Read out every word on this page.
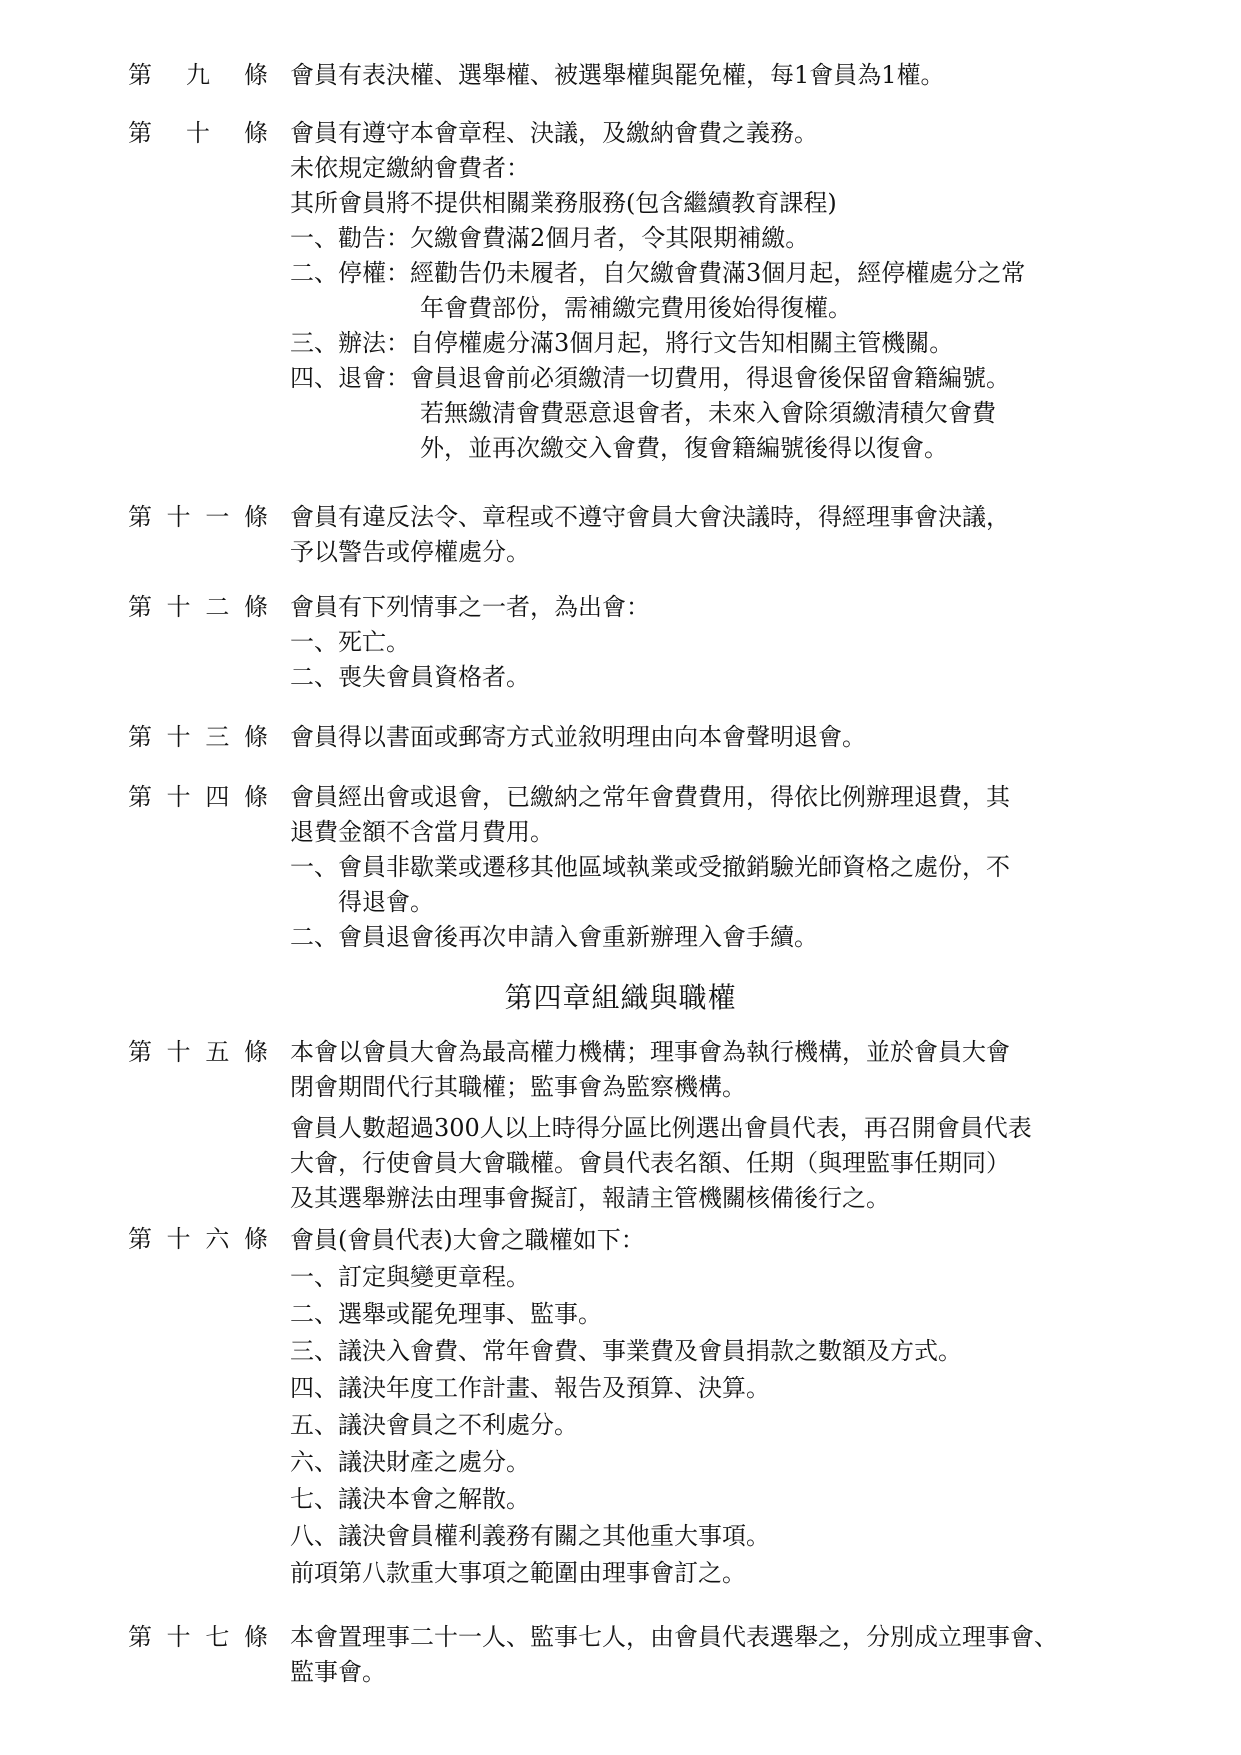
第 九 條 會員有表決權、選舉權、被選舉權與罷免權，每1會員為1權。
第 十 條 會員有遵守本會章程、決議，及繳納會費之義務。
未依規定繳納會費者：
其所會員將不提供相關業務服務(包含繼續教育課程)
一、勸告： 欠繳會費滿2個月者，令其限期補繳。
二、停權： 經勸告仍未履者，自欠繳會費滿3個月起，經停權處分之常
年會費部份，需補繳完費用後始得復權。
三、辦法： 自停權處分滿3個月起，將行文告知相關主管機關。
四、退會： 會員退會前必須繳清一切費用，得退會後保留會籍編號。
若無繳清會費惡意退會者，未來入會除須繳清積欠會費
外，並再次繳交入會費，復會籍編號後得以復會。
第 十 一 條 會員有違反法令、章程或不遵守會員大會決議時，得經理事會決議，
予以警告或停權處分。
第 十 二 條 會員有下列情事之一者，為出會：
一、死亡。
二、喪失會員資格者。
第 十 三 條 會員得以書面或郵寄方式並敘明理由向本會聲明退會。
第 十 四 條 會員經出會或退會，已繳納之常年會費費用，得依比例辦理退費，其
退費金額不含當月費用。
一、 會員非歇業或遷移其他區域執業或受撤銷驗光師資格之處份，不
得退會。
二、 會員退會後再次申請入會重新辦理入會手續。
第四章組織與職權
第 十 五 條 本會以會員大會為最高權力機構；理事會為執行機構，並於會員大會
閉會期間代行其職權；監事會為監察機構。
會員人數超過300人以上時得分區比例選出會員代表，再召開會員代表
大會，行使會員大會職權。會員代表名額、任期（與理監事任期同）
及其選舉辦法由理事會擬訂，報請主管機關核備後行之。
第 十 六 條 會員(會員代表)大會之職權如下：
一、訂定與變更章程。
二、選舉或罷免理事、監事。
三、議決入會費、常年會費、事業費及會員捐款之數額及方式。
四、議決年度工作計畫、報告及預算、決算。
五、議決會員之不利處分。
六、議決財產之處分。
七、議決本會之解散。
八、議決會員權利義務有關之其他重大事項。
前項第八款重大事項之範圍由理事會訂之。
第 十 七 條 本會置理事二十一人、監事七人，由會員代表選舉之，分別成立理事會、
監事會。
